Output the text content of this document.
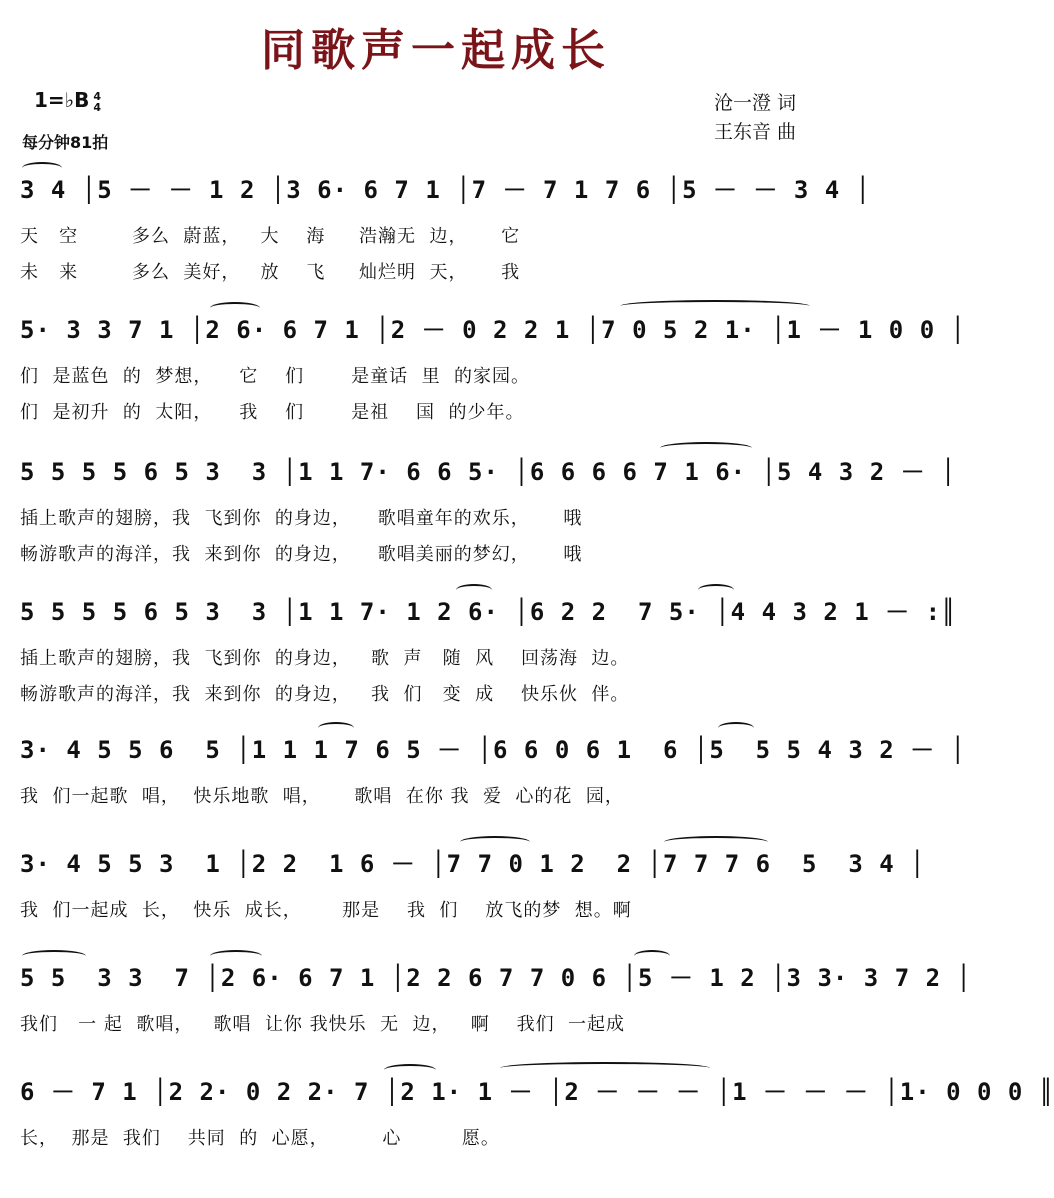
同歌声一起成长
1=♭B 4
4
每分钟81拍
沧一澄 词
王东音 曲
3 4 │5 － － 1 2 │3 6· 6 7 1 │7 － 7 1 7 6 │5 － － 3 4 │
天   空        多么  蔚蓝，   大    海     浩瀚无  边，     它
未   来        多么  美好，   放    飞     灿烂明  天，     我
5· 3 3 7 1 │2 6· 6 7 1 │2 － 0 2 2 1 │7 0 5 2 1· │1 － 1 0 0 │
们  是蓝色  的  梦想，    它    们       是童话  里  的家园。
们  是初升  的  太阳，    我    们       是祖    国  的少年。
5 5 5 5 6 5 3  3 │1 1 7· 6 6 5· │6 6 6 6 7 1 6· │5 4 3 2 － │
插上歌声的翅膀，我  飞到你  的身边，    歌唱童年的欢乐，     哦
畅游歌声的海洋，我  来到你  的身边，    歌唱美丽的梦幻，     哦
5 5 5 5 6 5 3  3 │1 1 7· 1 2 6· │6 2 2  7 5· │4 4 3 2 1 － :║
插上歌声的翅膀，我  飞到你  的身边，   歌  声   随  风    回荡海  边。
畅游歌声的海洋，我  来到你  的身边，   我  们   变  成    快乐伙  伴。
3· 4 5 5 6  5 │1 1 1 7 6 5 － │6 6 0 6 1  6 │5  5 5 4 3 2 － │
我  们一起歌  唱，  快乐地歌  唱，     歌唱  在你 我  爱  心的花  园，
3· 4 5 5 3  1 │2 2  1 6 － │7 7 0 1 2  2 │7 7 7 6  5  3 4 │
我  们一起成  长，  快乐  成长，      那是    我  们    放飞的梦  想。啊
5 5  3 3  7 │2 6· 6 7 1 │2 2 6 7 7 0 6 │5 － 1 2 │3 3· 3 7 2 │
我们   一 起  歌唱，   歌唱  让你 我快乐  无  边，   啊    我们  一起成
6 － 7 1 │2 2· 0 2 2· 7 │2 1· 1 － │2 － － － │1 － － － │1· 0 0 0 ║
长，  那是  我们    共同  的  心愿，        心         愿。
